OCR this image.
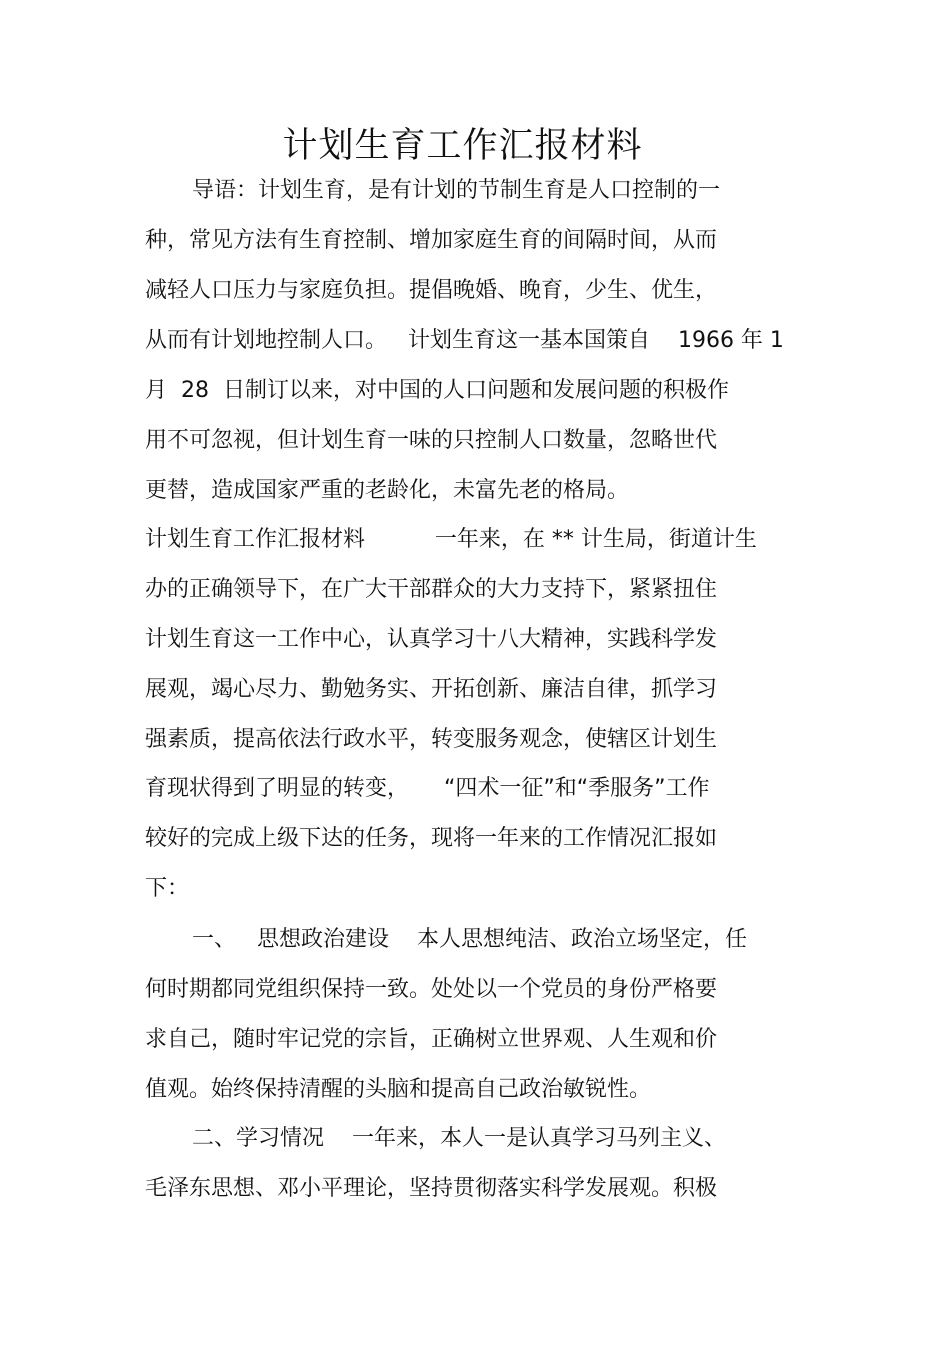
计划生育工作汇报材料
导语：计划生育，是有计划的节制生育是人口控制的一
种，常见方法有生育控制、增加家庭生育的间隔时间，从而
减轻人口压力与家庭负担。提倡晚婚、晚育，少生、优生，
从而有计划地控制人口。   计划生育这一基本国策自    1966 年 1
月  28  日制订以来，对中国的人口问题和发展问题的积极作
用不可忽视，但计划生育一味的只控制人口数量，忽略世代
更替，造成国家严重的老龄化，未富先老的格局。
计划生育工作汇报材料          一年来，在 ** 计生局，街道计生
办的正确领导下，在广大干部群众的大力支持下，紧紧扭住
计划生育这一工作中心，认真学习十八大精神，实践科学发
展观，竭心尽力、勤勉务实、开拓创新、廉洁自律，抓学习
强素质，提高依法行政水平，转变服务观念，使辖区计划生
育现状得到了明显的转变，     “四术一征”和“季服务”工作
较好的完成上级下达的任务，现将一年来的工作情况汇报如
下：
一、   思想政治建设    本人思想纯洁、政治立场坚定，任
何时期都同党组织保持一致。处处以一个党员的身份严格要
求自己，随时牢记党的宗旨，正确树立世界观、人生观和价
值观。始终保持清醒的头脑和提高自己政治敏锐性。
二、学习情况    一年来，本人一是认真学习马列主义、
毛泽东思想、邓小平理论，坚持贯彻落实科学发展观。积极
